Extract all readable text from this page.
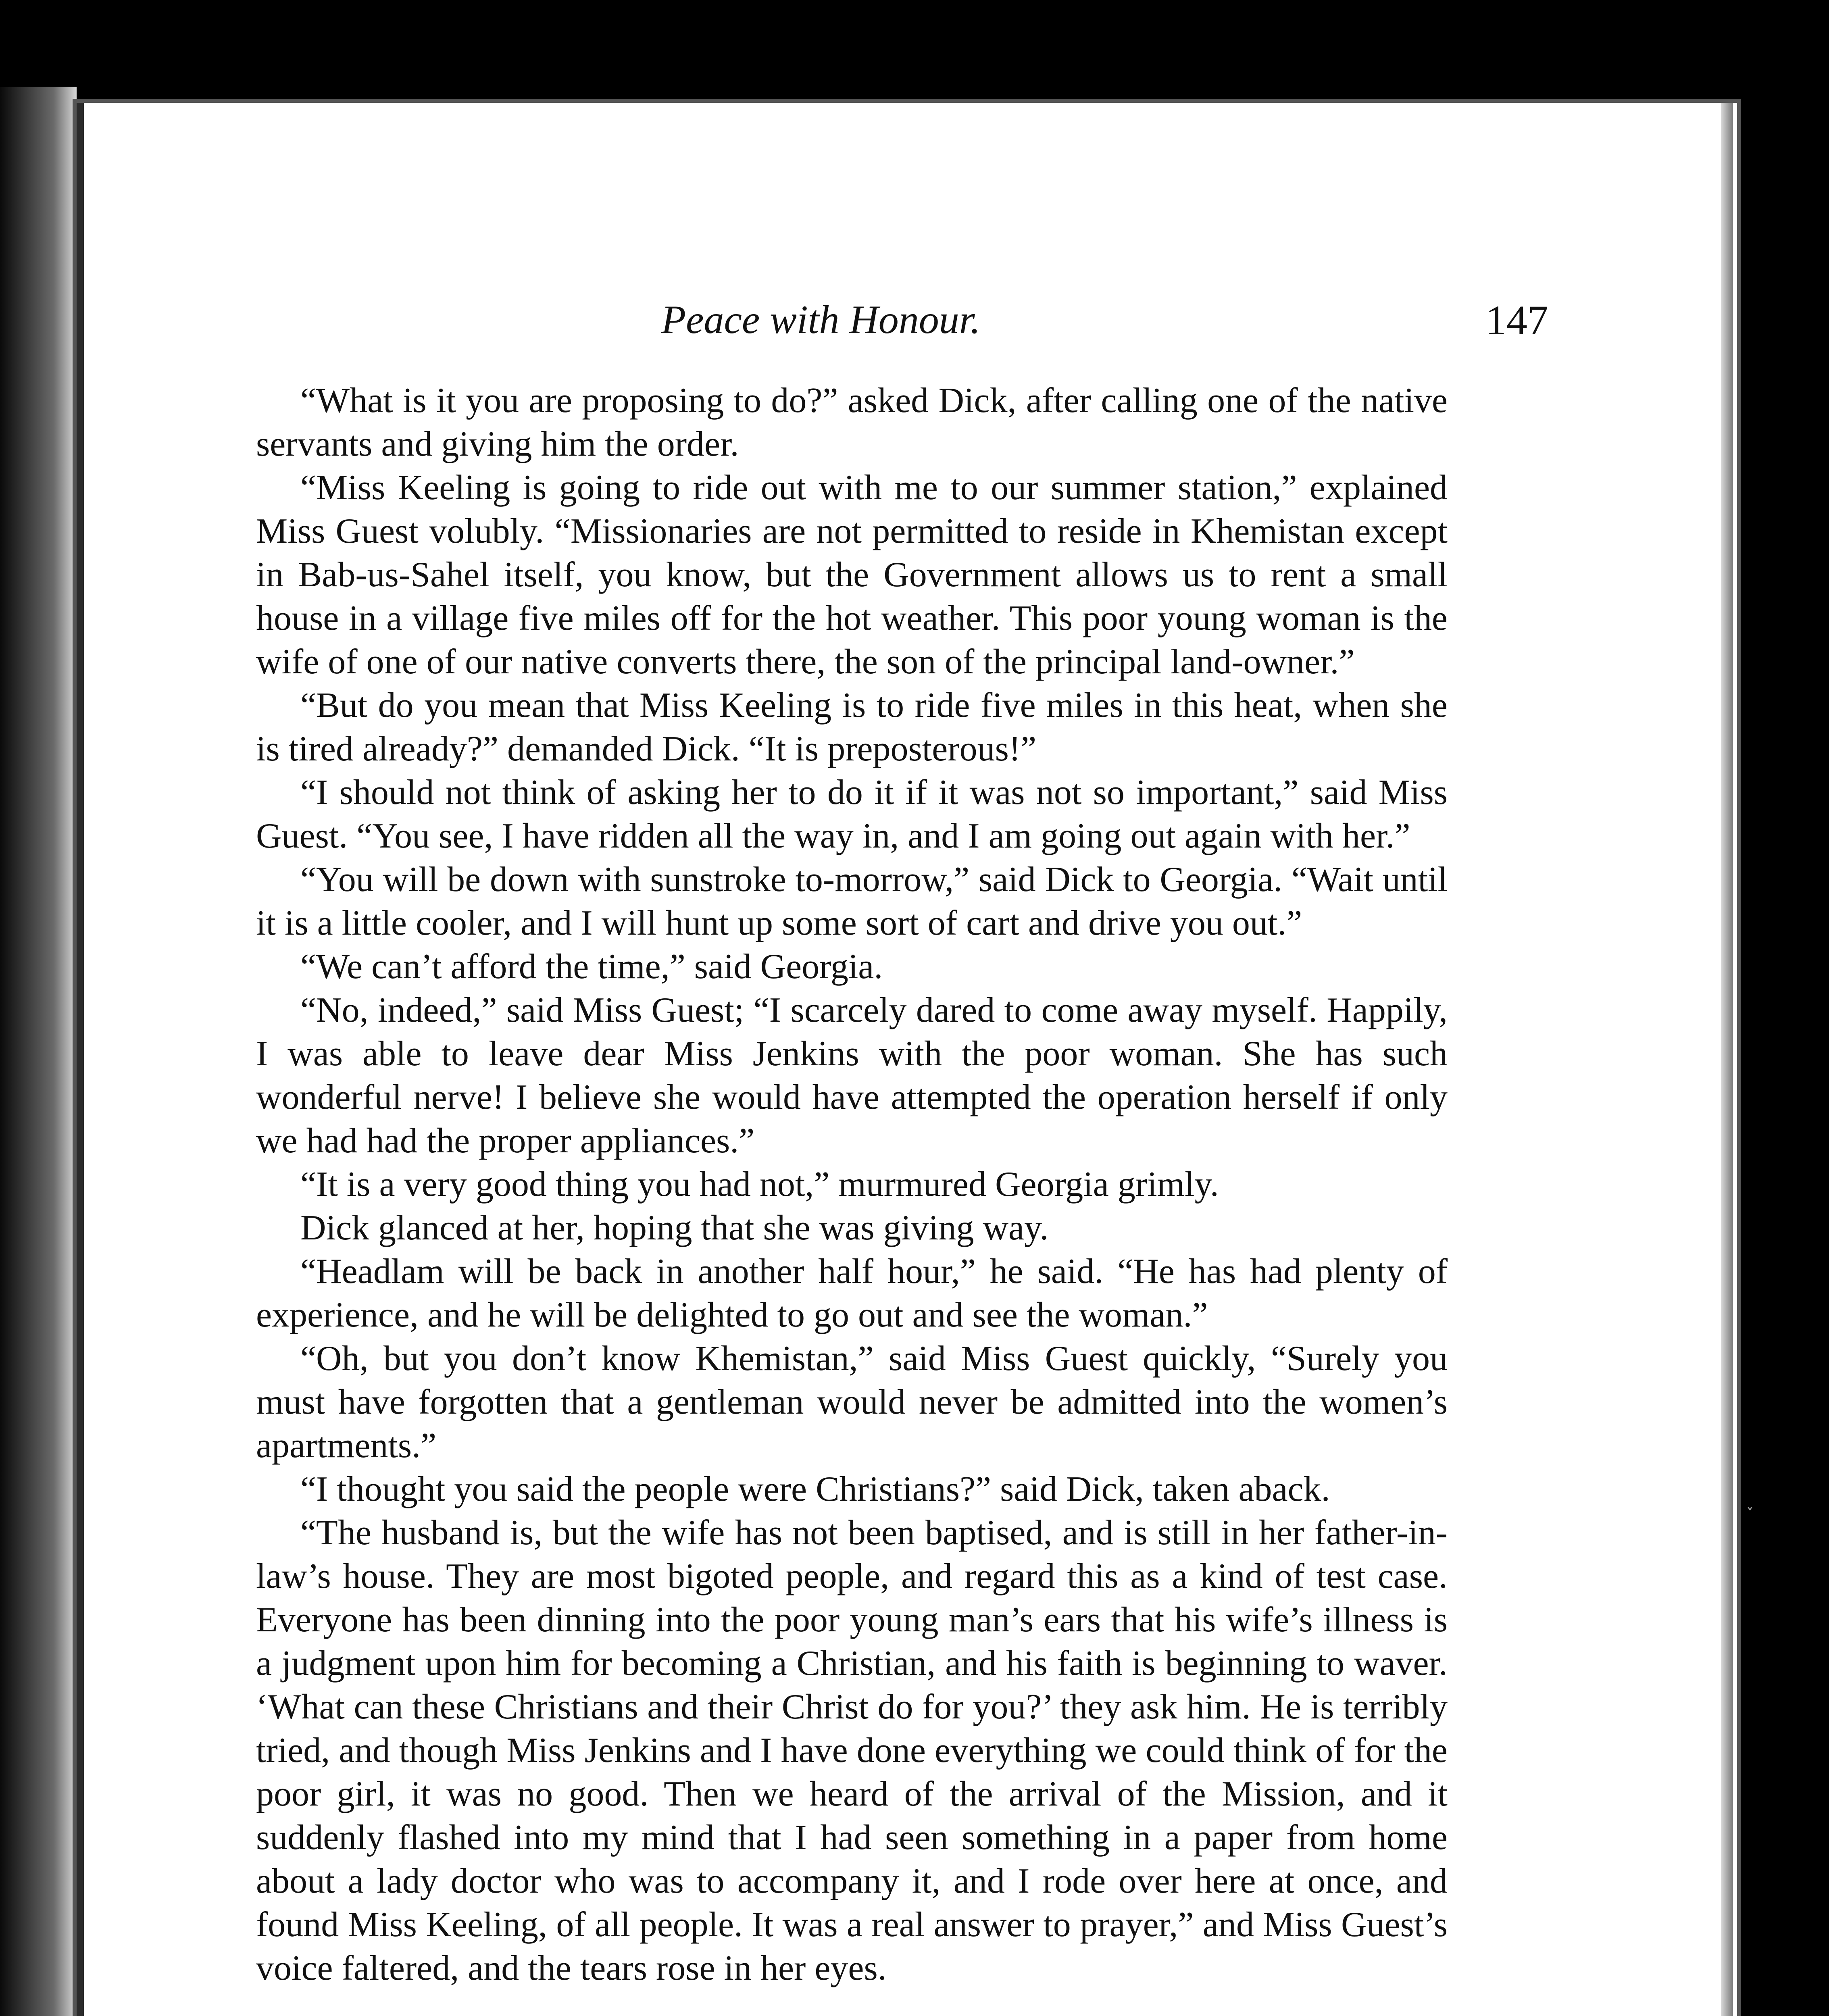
Peace with Honour.	147

“What is it you are proposing to do?” asked Dick, after calling one of the native servants and giving him the order.

“Miss Keeling is going to ride out with me to our summer station,” explained Miss Guest volubly. “Missionaries are not permitted to reside in Khemistan except in Bab-us-Sahel itself, you know, but the Government allows us to rent a small house in a village five miles off for the hot weather. This poor young woman is the wife of one of our native converts there, the son of the principal land-owner.”

“But do you mean that Miss Keeling is to ride five miles in this heat, when she is tired already?” demanded Dick. “It is preposterous!”

“I should not think of asking her to do it if it was not so important,” said Miss Guest. “You see, I have ridden all the way in, and I am going out again with her.”

“You will be down with sunstroke to-morrow,” said Dick to Georgia. “Wait until it is a little cooler, and I will hunt up some sort of cart and drive you out.”

“We can’t afford the time,” said Georgia.

“No, indeed,” said Miss Guest; “I scarcely dared to come away myself. Happily, I was able to leave dear Miss Jenkins with the poor woman. She has such wonderful nerve! I believe she would have attempted the operation herself if only we had had the proper appliances.”

“It is a very good thing you had not,” murmured Georgia grimly.

Dick glanced at her, hoping that she was giving way.

“Headlam will be back in another half hour,” he said. “He has had plenty of experience, and he will be delighted to go out and see the woman.”

“Oh, but you don’t know Khemistan,” said Miss Guest quickly, “Surely you must have forgotten that a gentleman would never be admitted into the women’s apartments.”

“I thought you said the people were Christians?” said Dick, taken aback.

“The husband is, but the wife has not been baptised, and is still in her father-in-law’s house. They are most bigoted people, and regard this as a kind of test case. Everyone has been dinning into the poor young man’s ears that his wife’s illness is a judgment upon him for becoming a Christian, and his faith is beginning to waver. ‘What can these Christians and their Christ do for you?’ they ask him. He is terribly tried, and though Miss Jenkins and I have done everything we could think of for the poor girl, it was no good. Then we heard of the arrival of the Mission, and it suddenly flashed into my mind that I had seen something in a paper from home about a lady doctor who was to accompany it, and I rode over here at once, and found Miss Keeling, of all people. It was a real answer to prayer,” and Miss Guest’s voice faltered, and the tears rose in her eyes.

˯
